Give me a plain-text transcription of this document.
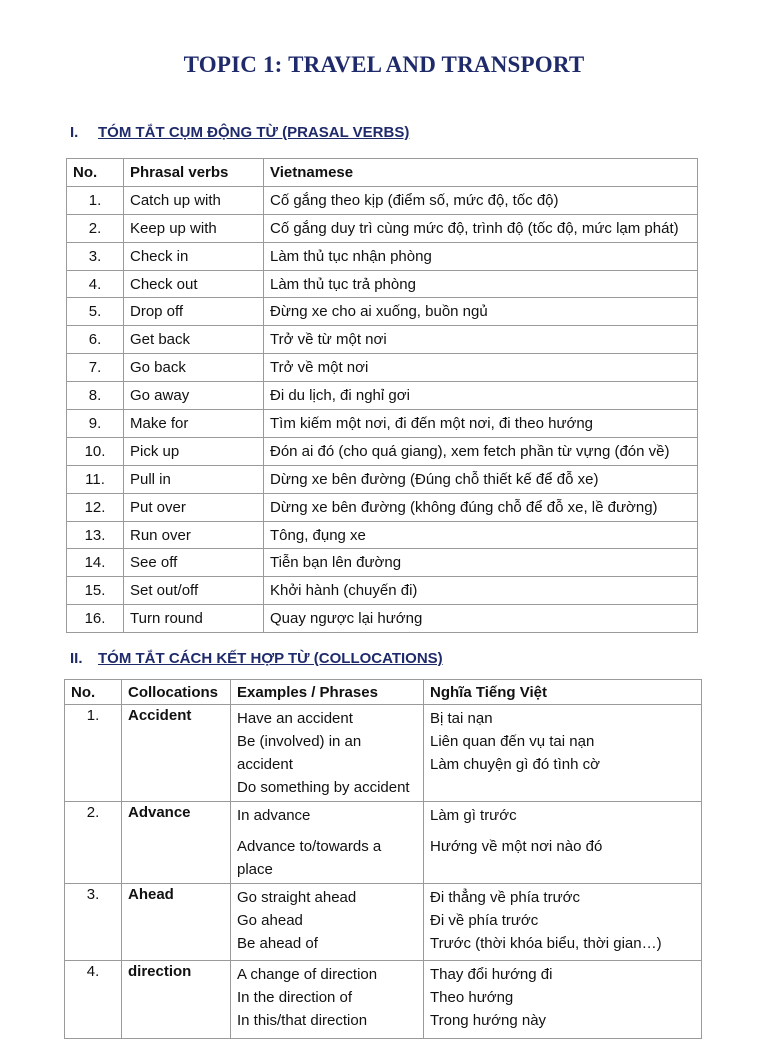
TOPIC 1: TRAVEL AND TRANSPORT
I. TÓM TẮT CỤM ĐỘNG TỪ (PRASAL VERBS)
No.	Phrasal verbs	Vietnamese
1.	Catch up with	Cố gắng theo kịp (điểm số, mức độ, tốc độ)
2.	Keep up with	Cố gắng duy trì cùng mức độ, trình độ (tốc độ, mức lạm phát)
3.	Check in	Làm thủ tục nhận phòng
4.	Check out	Làm thủ tục trả phòng
5.	Drop off	Đừng xe cho ai xuống, buồn ngủ
6.	Get back	Trở về từ một nơi
7.	Go back	Trở về một nơi
8.	Go away	Đi du lịch, đi nghỉ gơi
9.	Make for	Tìm kiếm một nơi, đi đến một nơi, đi theo hướng
10.	Pick up	Đón ai đó (cho quá giang), xem fetch phần từ vựng (đón về)
11.	Pull in	Dừng xe bên đường (Đúng chỗ thiết kế để đỗ xe)
12.	Put over	Dừng xe bên đường (không đúng chỗ để đỗ xe, lề đường)
13.	Run over	Tông, đụng xe
14.	See off	Tiễn bạn lên đường
15.	Set out/off	Khởi hành (chuyến đi)
16.	Turn round	Quay ngược lại hướng
II. TÓM TẮT CÁCH KẾT HỢP TỪ (COLLOCATIONS)
No.	Collocations	Examples / Phrases	Nghĩa Tiếng Việt
1.	Accident	Have an accident
Be (involved) in an accident
Do something by accident	Bị tai nạn
Liên quan đến vụ tai nạn
Làm chuyện gì đó tình cờ

2.	Advance	In advance
Advance to/towards a place	Làm gì trước
Hướng về một nơi nào đó

3.	Ahead	Go straight ahead
Go ahead
Be ahead of	Đi thẳng về phía trước
Đi về phía trước
Trước (thời khóa biểu, thời gian…)

4.	direction	A change of direction
In the direction of
In this/that direction	Thay đổi hướng đi
Theo hướng
Trong hướng này
